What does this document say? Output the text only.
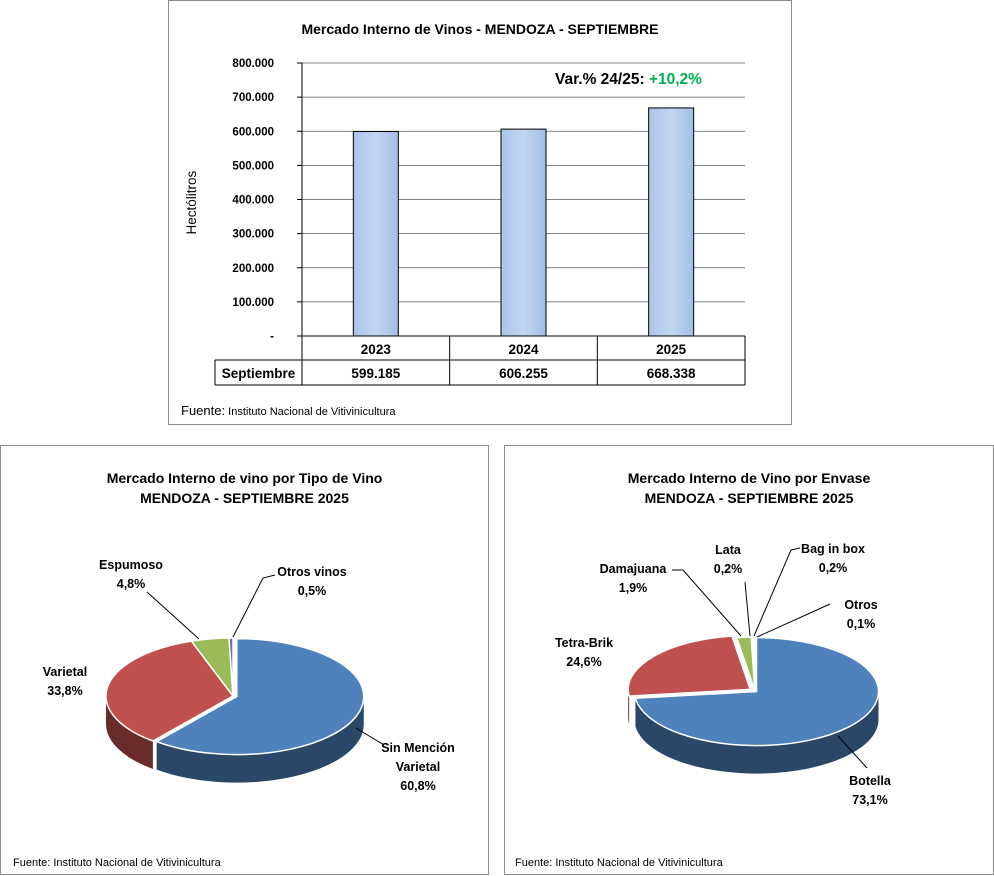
Mercado Interno de Vinos - MENDOZA - SEPTIEMBRE
-
100.000
200.000
300.000
400.000
500.000
600.000
700.000
800.000
Hectólitros
Septiembre
2023
599.185
2024
606.255
2025
668.338
Var.% 24/25: +10,2%
Fuente: Instituto Nacional de Vitivinicultura
Mercado Interno de vino por Tipo de Vino
MENDOZA - SEPTIEMBRE 2025
Sin Mención
Varietal
60,8%
Varietal
33,8%
Espumoso
4,8%
Otros vinos
0,5%
Fuente: Instituto Nacional de Vitivinicultura
Mercado Interno de Vino por Envase
MENDOZA - SEPTIEMBRE 2025
Botella
73,1%
Tetra-Brik
24,6%
Damajuana
1,9%
Lata
0,2%
Bag in box
0,2%
Otros
0,1%
Fuente: Instituto Nacional de Vitivinicultura
